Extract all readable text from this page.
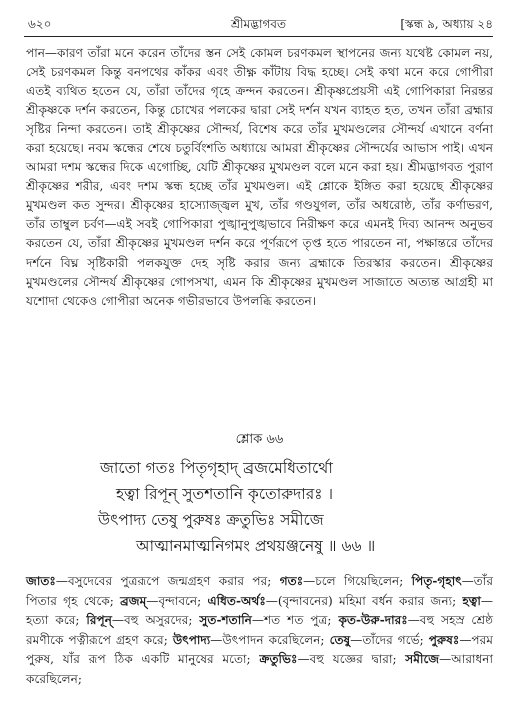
৬২০	শ্রীমদ্ভাগবত	[স্কন্ধ ৯, অধ্যায় ২৪

পান—কারণ তাঁরা মনে করেন তাঁদের স্তন সেই কোমল চরণকমল স্থাপনের জন্য যথেষ্ট কোমল নয়, সেই চরণকমল কিন্তু বনপথের কাঁকর এবং তীক্ষ্ণ কাঁটায় বিদ্ধ হচ্ছে। সেই কথা মনে করে গোপীরা এতই ব্যথিত হতেন যে, তাঁরা তাঁদের গৃহে ক্রন্দন করতেন। শ্রীকৃষ্ণপ্রেয়সী এই গোপিকারা নিরন্তর শ্রীকৃষ্ণকে দর্শন করতেন, কিন্তু চোখের পলকের দ্বারা সেই দর্শন যখন ব্যাহত হত, তখন তাঁরা ব্রহ্মার সৃষ্টির নিন্দা করতেন। তাই শ্রীকৃষ্ণের সৌন্দর্য, বিশেষ করে তাঁর মুখমণ্ডলের সৌন্দর্য এখানে বর্ণনা করা হয়েছে। নবম স্কন্ধের শেষে চতুর্বিংশতি অধ্যায়ে আমরা শ্রীকৃষ্ণের সৌন্দর্যের আভাস পাই। এখন আমরা দশম স্কন্ধের দিকে এগোচ্ছি, যেটি শ্রীকৃষ্ণের মুখমণ্ডল বলে মনে করা হয়। শ্রীমদ্ভাগবত পুরাণ শ্রীকৃষ্ণের শরীর, এবং দশম স্কন্ধ হচ্ছে তাঁর মুখমণ্ডল। এই শ্লোকে ইঙ্গিত করা হয়েছে শ্রীকৃষ্ণের মুখমণ্ডল কত সুন্দর। শ্রীকৃষ্ণের হাস্যোজ্জ্বল মুখ, তাঁর গণ্ডযুগল, তাঁর অধরোষ্ঠ, তাঁর কর্ণাভরণ, তাঁর তাম্বুল চর্বণ—এই সবই গোপিকারা পুঙ্খানুপুঙ্খভাবে নিরীক্ষণ করে এমনই দিব্য আনন্দ অনুভব করতেন যে, তাঁরা শ্রীকৃষ্ণের মুখমণ্ডল দর্শন করে পূর্ণরূপে তৃপ্ত হতে পারতেন না, পক্ষান্তরে তাঁদের দর্শনে বিঘ্ন সৃষ্টিকারী পলকযুক্ত দেহ সৃষ্টি করার জন্য ব্রহ্মাকে তিরস্কার করতেন। শ্রীকৃষ্ণের মুখমণ্ডলের সৌন্দর্য শ্রীকৃষ্ণের গোপসখা, এমন কি শ্রীকৃষ্ণের মুখমণ্ডল সাজাতে অত্যন্ত আগ্রহী মা যশোদা থেকেও গোপীরা অনেক গভীরভাবে উপলব্ধি করতেন।

শ্লোক ৬৬
জাতো গতঃ পিতৃগৃহাদ্ ব্রজমেধিতার্থো
হত্বা রিপূন্ সুতশতানি কৃতোরুদারঃ ।
উৎপাদ্য তেষু পুরুষঃ ক্রতুভিঃ সমীজে
আত্মানমাত্মনিগমং প্রথয়ঞ্জনেষু ॥ ৬৬ ॥

জাতঃ—বসুদেবের পুত্ররূপে জন্মগ্রহণ করার পর; গতঃ—চলে গিয়েছিলেন; পিতৃ-গৃহাৎ—তাঁর পিতার গৃহ থেকে; ব্রজম্—বৃন্দাবনে; এধিত-অর্থঃ—(বৃন্দাবনের) মহিমা বর্ধন করার জন্য; হত্বা—হত্যা করে; রিপূন্—বহু অসুরদের; সুত-শতানি—শত শত পুত্র; কৃত-উরু-দারঃ—বহু সহস্র শ্রেষ্ঠ রমণীকে পত্নীরূপে গ্রহণ করে; উৎপাদ্য—উৎপাদন করেছিলেন; তেষু—তাঁদের গর্ভে; পুরুষঃ—পরম পুরুষ, যাঁর রূপ ঠিক একটি মানুষের মতো; ক্রতুভিঃ—বহু যজ্ঞের দ্বারা; সমীজে—আরাধনা করেছিলেন;
